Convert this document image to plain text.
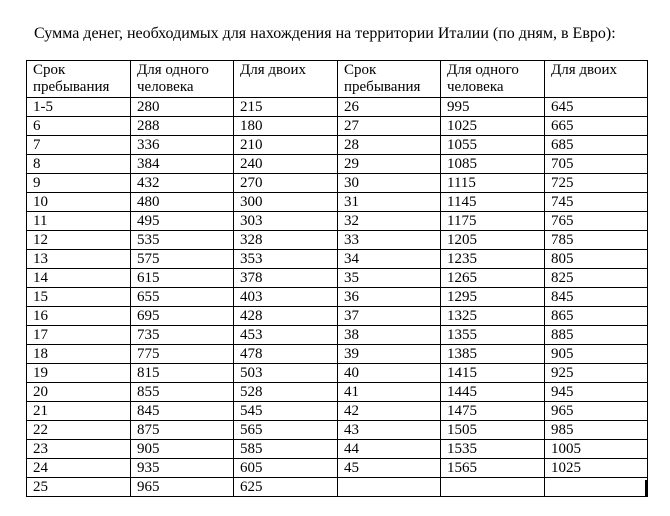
Сумма денег, необходимых для нахождения на территории Италии (по дням, в Евро):
Срок пребывания	Для одного человека	Для двоих	Срок пребывания	Для одного человека	Для двоих
1-5	280	215	26	995	645
6	288	180	27	1025	665
7	336	210	28	1055	685
8	384	240	29	1085	705
9	432	270	30	1115	725
10	480	300	31	1145	745
11	495	303	32	1175	765
12	535	328	33	1205	785
13	575	353	34	1235	805
14	615	378	35	1265	825
15	655	403	36	1295	845
16	695	428	37	1325	865
17	735	453	38	1355	885
18	775	478	39	1385	905
19	815	503	40	1415	925
20	855	528	41	1445	945
21	845	545	42	1475	965
22	875	565	43	1505	985
23	905	585	44	1535	1005
24	935	605	45	1565	1025
25	965	625			
